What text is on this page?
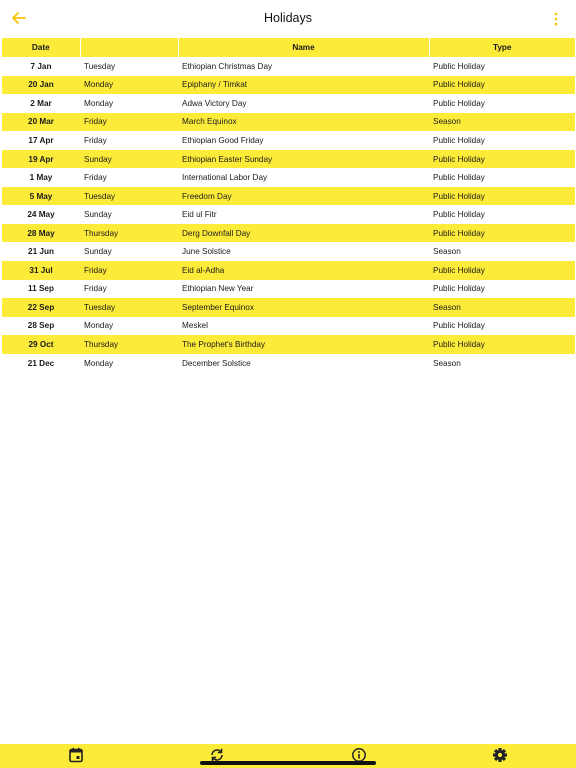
Holidays
Date		Name	Type
7 Jan	Tuesday	Ethiopian Christmas Day	Public Holiday
20 Jan	Monday	Epiphany / Timkat	Public Holiday
2 Mar	Monday	Adwa Victory Day	Public Holiday
20 Mar	Friday	March Equinox	Season
17 Apr	Friday	Ethiopian Good Friday	Public Holiday
19 Apr	Sunday	Ethiopian Easter Sunday	Public Holiday
1 May	Friday	International Labor Day	Public Holiday
5 May	Tuesday	Freedom Day	Public Holiday
24 May	Sunday	Eid ul Fitr	Public Holiday
28 May	Thursday	Derg Downfall Day	Public Holiday
21 Jun	Sunday	June Solstice	Season
31 Jul	Friday	Eid al-Adha	Public Holiday
11 Sep	Friday	Ethiopian New Year	Public Holiday
22 Sep	Tuesday	September Equinox	Season
28 Sep	Monday	Meskel	Public Holiday
29 Oct	Thursday	The Prophet's Birthday	Public Holiday
21 Dec	Monday	December Solstice	Season
